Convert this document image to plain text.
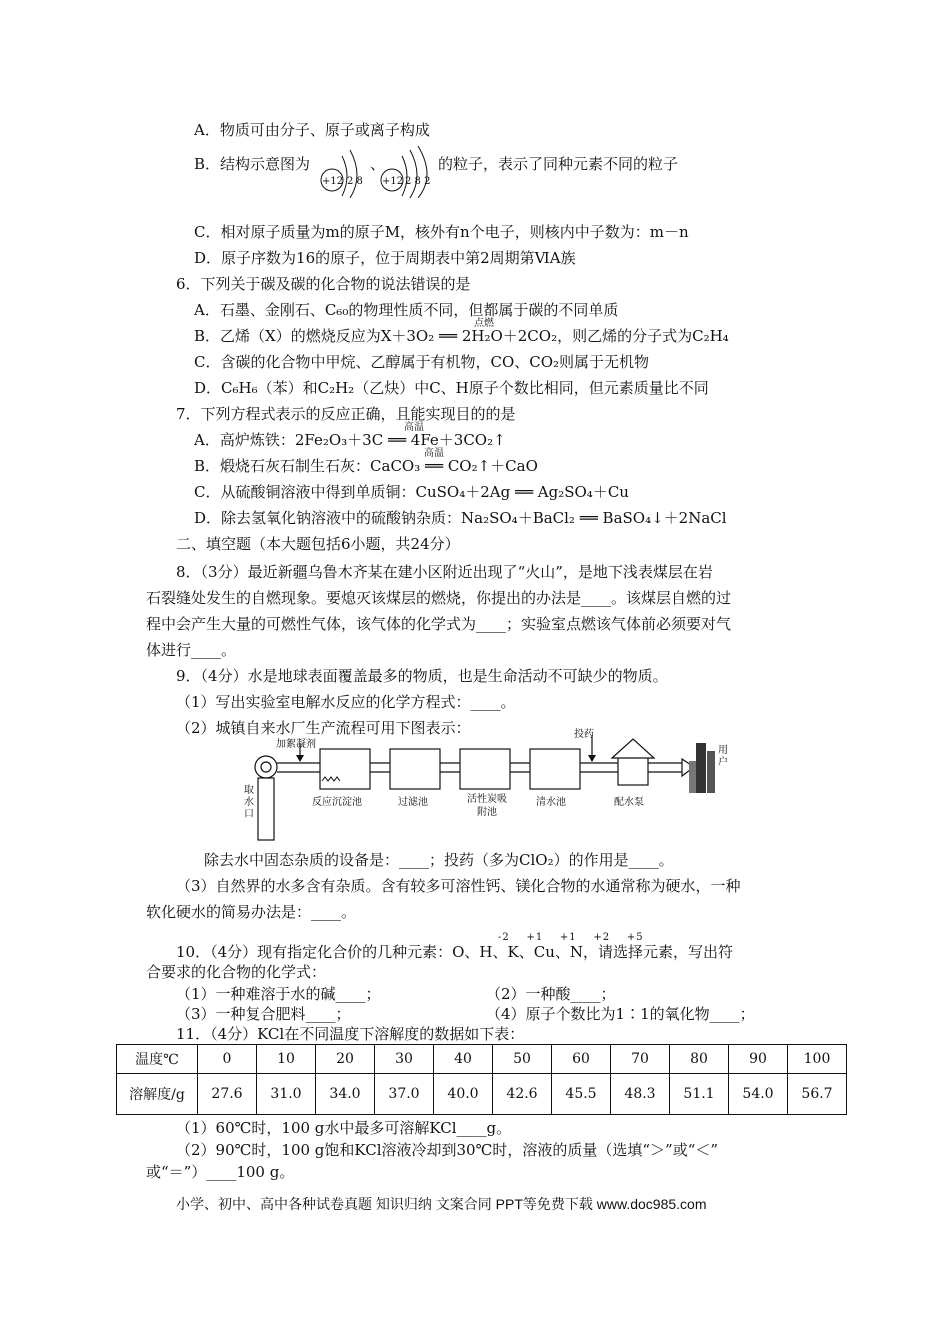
A．物质可由分子、原子或离子构成
B．结构示意图为
+12 2 8
、
+12 2 8 2
的粒子，表示了同种元素不同的粒子
C．相对原子质量为m的原子M，核外有n个电子，则核内中子数为：m－n
D．原子序数为16的原子，位于周期表中第2周期第ⅥA族
6．下列关于碳及碳的化合物的说法错误的是
A．石墨、金刚石、C₆₀的物理性质不同，但都属于碳的不同单质
点燃
B．乙烯（X）的燃烧反应为X＋3O₂ ══ 2H₂O＋2CO₂，则乙烯的分子式为C₂H₄
C．含碳的化合物中甲烷、乙醇属于有机物，CO、CO₂则属于无机物
D．C₆H₆（苯）和C₂H₂（乙炔）中C、H原子个数比相同，但元素质量比不同
7．下列方程式表示的反应正确，且能实现目的的是
高温
A．高炉炼铁：2Fe₂O₃＋3C ══ 4Fe＋3CO₂↑
高温
B．煅烧石灰石制生石灰：CaCO₃ ══ CO₂↑＋CaO
C．从硫酸铜溶液中得到单质铜：CuSO₄＋2Ag ══ Ag₂SO₄＋Cu
D．除去氢氧化钠溶液中的硫酸钠杂质：Na₂SO₄＋BaCl₂ ══ BaSO₄↓＋2NaCl
二、填空题（本大题包括6小题，共24分）
8．（3分）最近新疆乌鲁木齐某在建小区附近出现了“火山”，是地下浅表煤层在岩
石裂缝处发生的自燃现象。要熄灭该煤层的燃烧，你提出的办法是____。该煤层自燃的过
程中会产生大量的可燃性气体，该气体的化学式为____；实验室点燃该气体前必须要对气
体进行____。
9．（4分）水是地球表面覆盖最多的物质，也是生命活动不可缺少的物质。
（1）写出实验室电解水反应的化学方程式：____。
（2）城镇自来水厂生产流程可用下图表示：
加絮凝剂
取水口
反应沉淀池	过滤池	活性炭吸附池
清水池
投药
配水泵
用户
除去水中固态杂质的设备是：____；投药（多为ClO₂）的作用是____。
（3）自然界的水多含有杂质。含有较多可溶性钙、镁化合物的水通常称为硬水，一种
软化硬水的简易办法是：____。
-2    +1    +1    +2    +5
10．（4分）现有指定化合价的几种元素：O、H、K、Cu、N，请选择元素，写出符
合要求的化合物的化学式：
（1）一种难溶于水的碱____；	（2）一种酸____；
（3）一种复合肥料____；	（4）原子个数比为1∶1的氧化物____；
11．（4分）KCl在不同温度下溶解度的数据如下表：
温度℃	0	10	20	30	40	50	60	70	80	90	100
溶解度/g	27.6	31.0	34.0	37.0	40.0	42.6	45.5	48.3	51.1	54.0	56.7
（1）60℃时，100 g水中最多可溶解KCl____g。
（2）90℃时，100 g饱和KCl溶液冷却到30℃时，溶液的质量（选填“＞”或“＜”
或“＝”）____100 g。
小学、初中、高中各种试卷真题 知识归纳 文案合同 PPT等免费下载 www.doc985.com
